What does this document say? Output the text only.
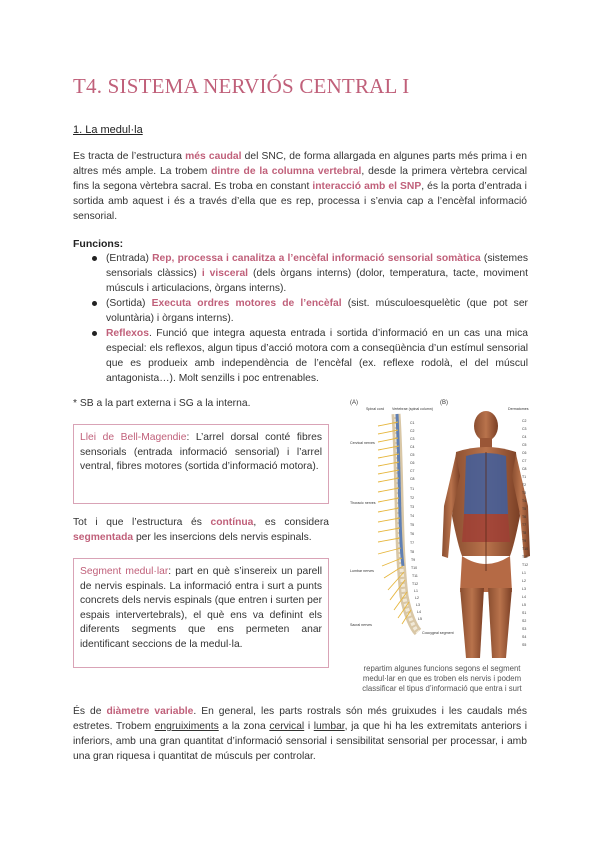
T4. SISTEMA NERVIÓS CENTRAL I
1. La medul·la
Es tracta de l’estructura més caudal del SNC, de forma allargada en algunes parts més prima i en altres més ample. La trobem dintre de la columna vertebral, desde la primera vèrtebra cervical fins la segona vèrtebra sacral. Es troba en constant interacció amb el SNP, és la porta d’entrada i sortida amb aquest i és a través d’ella que es rep, processa i s’envia cap a l’encèfal informació sensorial.
Funcions:
(Entrada) Rep, processa i canalitza a l’encèfal informació sensorial somàtica (sistemes sensorials clàssics) i visceral (dels òrgans interns) (dolor, temperatura, tacte, moviment músculs i articulacions, òrgans interns).
(Sortida) Executa ordres motores de l’encèfal (sist. músculoesquelètic (que pot ser voluntària) i òrgans interns).
Reflexos. Funció que integra aquesta entrada i sortida d’informació en un cas una mica especial: els reflexos, algun tipus d’acció motora com a conseqüència d’un estímul sensorial que es produeix amb independència de l’encèfal (ex. reflexe rodolà, el del múscul antagonista…). Molt senzills i poc entrenables.
* SB a la part externa i SG a la interna.
Llei de Bell-Magendie: L’arrel dorsal conté fibres sensorials (entrada informació sensorial) i l’arrel ventral, fibres motores (sortida d’informació motora).
Tot i que l’estructura és contínua, es considera segmentada per les insercions dels nervis espinals.
Segment medul·lar: part en què s’insereix un parell de nervis espinals. La informació entra i surt a punts concrets dels nervis espinals (que entren i surten per espais intervertebrals), el què ens va definint els diferents segments que ens permeten anar identificant seccions de la medul·la.
(A)	(B)
Spinal cord Vertebrae (spinal column)	Dermatomes
Cervical nerves
Thoracic nerves
Lumbar nerves
Sacral nerves
Coccygeal segment
C1
C2
C3
C4
C5
C6
C7
C8
T1
T2
T3
T4
T5
T6
T7
T8
T9
T10
T11
T12
L1
L2
L3
L4
L5
C2
C3
C4
C5
C6
C7
C8
T1
T2
T3
T4
T5
T6
T7
T8
T9
T10
T11
T12
L1
L2
L3
L4
L5
S1
S2
S3
S4
S5
repartim algunes funcions segons el segment medul·lar en que es troben els nervis i podem classificar el tipus d’informació que entra i surt
És de diàmetre variable. En general, les parts rostrals són més gruixudes i les caudals més estretes. Trobem engruiximents a la zona cervical i lumbar, ja que hi ha les extremitats anteriors i inferiors, amb una gran quantitat d’informació sensorial i sensibilitat sensorial per processar, i amb una gran riquesa i quantitat de músculs per controlar.
